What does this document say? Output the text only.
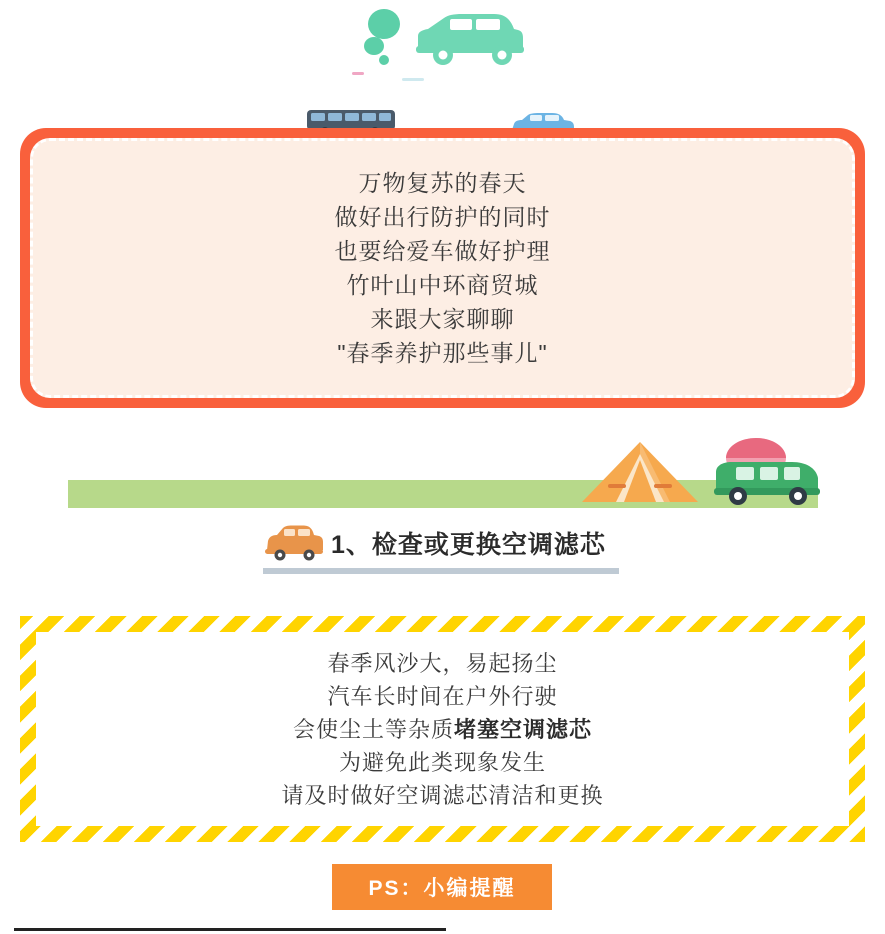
万物复苏的春天
做好出行防护的同时
也要给爱车做好护理
竹叶山中环商贸城
来跟大家聊聊
"春季养护那些事儿"
1、检查或更换空调滤芯
春季风沙大，易起扬尘
汽车长时间在户外行驶
会使尘土等杂质堵塞空调滤芯
为避免此类现象发生
请及时做好空调滤芯清洁和更换
PS：小编提醒
